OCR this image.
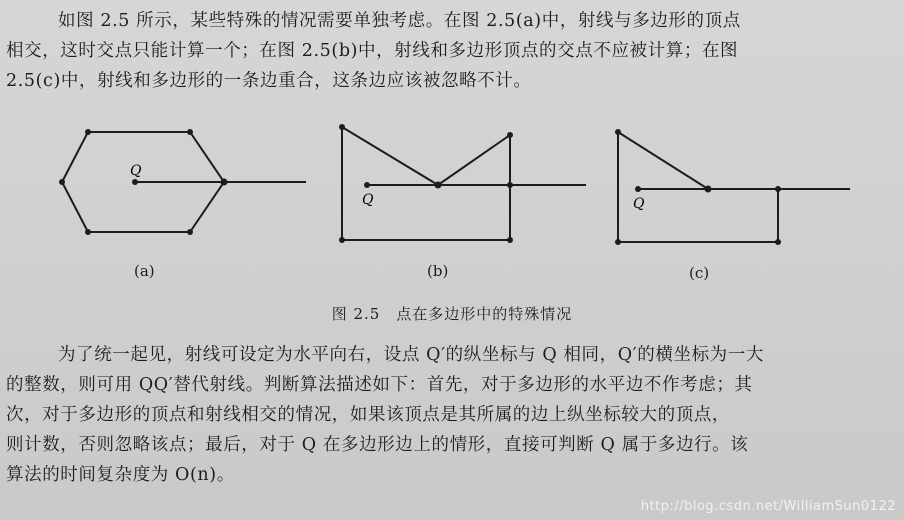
如图 2.5 所示，某些特殊的情况需要单独考虑。在图 2.5(a)中，射线与多边形的顶点
相交，这时交点只能计算一个；在图 2.5(b)中，射线和多边形顶点的交点不应被计算；在图
2.5(c)中，射线和多边形的一条边重合，这条边应该被忽略不计。
Q
Q	Q
(a)	(b)	(c)
图 2.5　点在多边形中的特殊情况
为了统一起见，射线可设定为水平向右，设点 Q′的纵坐标与 Q 相同，Q′的横坐标为一大
的整数，则可用 QQ′替代射线。判断算法描述如下：首先，对于多边形的水平边不作考虑；其
次，对于多边形的顶点和射线相交的情况，如果该顶点是其所属的边上纵坐标较大的顶点，
则计数，否则忽略该点；最后，对于 Q 在多边形边上的情形，直接可判断 Q 属于多边行。该
算法的时间复杂度为 O(n)。
http://blog.csdn.net/WilliamSun0122
